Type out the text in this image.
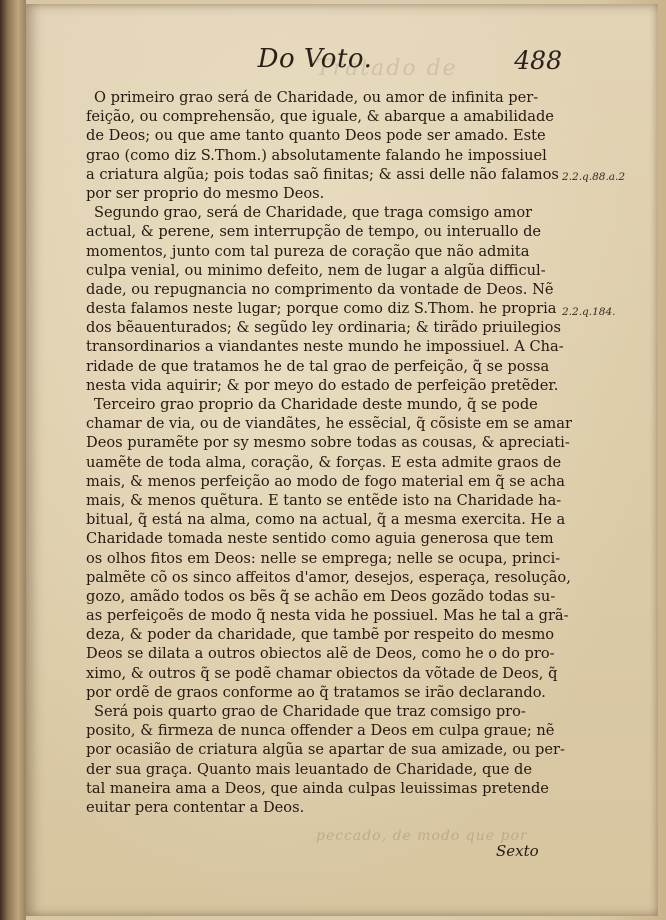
Tratado de
peccado, de modo que por
Do Voto.	488
O primeiro grao será de Charidade, ou amor de infinita per-
feição, ou comprehensão, que iguale, & abarque a amabilidade
de Deos; ou que ame tanto quanto Deos pode ser amado. Este
grao (como diz S.Thom.) absolutamente falando he impossiuel
a criatura algũa; pois todas saõ finitas; & assi delle não falamos
por ser proprio do mesmo Deos.
Segundo grao, será de Charidade, que traga comsigo amor
actual, & perene, sem interrupção de tempo, ou interuallo de
momentos, junto com tal pureza de coração que não admita
culpa venial, ou minimo defeito, nem de lugar a algũa difficul-
dade, ou repugnancia no comprimento da vontade de Deos. Nẽ
desta falamos neste lugar; porque como diz S.Thom. he propria
dos bẽauenturados; & segũdo ley ordinaria; & tirãdo priuilegios
transordinarios a viandantes neste mundo he impossiuel. A Cha-
ridade de que tratamos he de tal grao de perfeição, q̃ se possa
nesta vida aquirir; & por meyo do estado de perfeição pretẽder.
Terceiro grao proprio da Charidade deste mundo, q̃ se pode
chamar de via, ou de viandãtes, he essẽcial, q̃ cõsiste em se amar
Deos puramẽte por sy mesmo sobre todas as cousas, & apreciati-
uamẽte de toda alma, coração, & forças. E esta admite graos de
mais, & menos perfeição ao modo de fogo material em q̃ se acha
mais, & menos quẽtura. E tanto se entẽde isto na Charidade ha-
bitual, q̃ está na alma, como na actual, q̃ a mesma exercita. He a
Charidade tomada neste sentido como aguia generosa que tem
os olhos fitos em Deos: nelle se emprega; nelle se ocupa, princi-
palmẽte cõ os sinco affeitos d'amor, desejos, esperaça, resolução,
gozo, amãdo todos os bẽs q̃ se achão em Deos gozãdo todas su-
as perfeiçoẽs de modo q̃ nesta vida he possiuel. Mas he tal a grã-
deza, & poder da charidade, que tambẽ por respeito do mesmo
Deos se dilata a outros obiectos alẽ de Deos, como he o do pro-
ximo, & outros q̃ se podẽ chamar obiectos da võtade de Deos, q̃
por ordẽ de graos conforme ao q̃ tratamos se irão declarando.
Será pois quarto grao de Charidade que traz comsigo pro-
posito, & firmeza de nunca offender a Deos em culpa graue; nẽ
por ocasião de criatura algũa se apartar de sua amizade, ou per-
der sua graça. Quanto mais leuantado de Charidade, que de
tal maneira ama a Deos, que ainda culpas leuissimas pretende
euitar pera contentar a Deos.
2.2.q.88.a.2
2.2.q.184.
Sexto
